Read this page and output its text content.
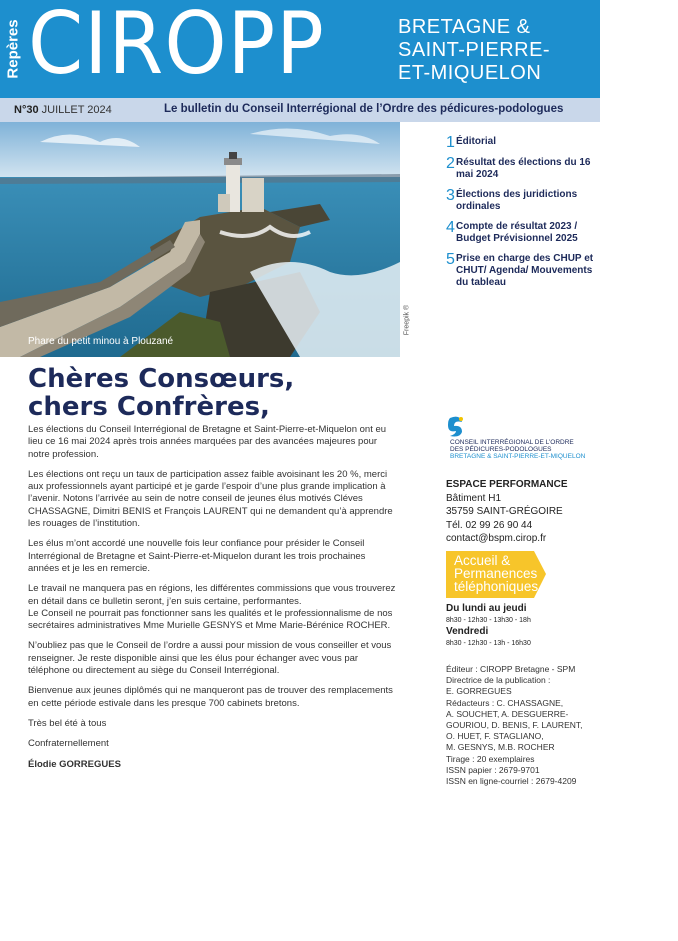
Repères CIROPP	BRETAGNE &
SAINT-PIERRE-
ET-MIQUELON
N°30 JUILLET 2024	Le bulletin du Conseil Interrégional de l’Ordre des pédicures-podologues
Phare du petit minou à Plouzané
Freepik ®
1 Éditorial
2 Résultat des élections du 16 mai 2024
3 Élections des juridictions ordinales
4 Compte de résultat 2023 / Budget Prévisionnel 2025
5 Prise en charge des CHUP et CHUT/ Agenda/ Mouvements du tableau
Chères Consœurs,
chers Confrères,

Les élections du Conseil Interrégional de Bretagne et Saint-Pierre-et-Miquelon ont eu lieu ce 16 mai 2024 après trois années marquées par des avancées majeures pour notre profession.

Les élections ont reçu un taux de participation assez faible avoisinant les 20 %, merci aux professionnels ayant participé et je garde l’espoir d’une plus grande implication à l’avenir. Notons l’arrivée au sein de notre conseil de jeunes élus motivés Cléves CHASSAGNE, Dimitri BENIS et François LAURENT qui ne demandent qu’à apprendre les rouages de l’institution.

Les élus m’ont accordé une nouvelle fois leur confiance pour présider le Conseil Interrégional de Bretagne et Saint-Pierre-et-Miquelon durant les trois prochaines années et je les en remercie.

Le travail ne manquera pas en régions, les différentes commissions que vous trouverez en détail dans ce bulletin seront, j’en suis certaine, performantes.

Le Conseil ne pourrait pas fonctionner sans les qualités et le professionnalisme de nos secrétaires administratives Mme Murielle GESNYS et Mme Marie-Bérénice ROCHER.

N’oubliez pas que le Conseil de l’ordre a aussi pour mission de vous conseiller et vous renseigner. Je reste disponible ainsi que les élus pour échanger avec vous par téléphone ou directement au siège du Conseil Interrégional.

Bienvenue aux jeunes diplômés qui ne manqueront pas de trouver des remplacements en cette période estivale dans les presque 700 cabinets bretons.

Très bel été à tous

Confraternellement

Élodie GORREGUES

CONSEIL INTERRÉGIONAL DE L’ORDRE
DES PÉDICURES-PODOLOGUES
BRETAGNE & SAINT-PIERRE-ET-MIQUELON
ESPACE PERFORMANCE
Bâtiment H1
35759 SAINT-GRÉGOIRE
Tél. 02 99 26 90 44
contact@bspm.cirop.fr
Accueil &
Permanences
téléphoniques
Du lundi au jeudi
8h30 - 12h30 - 13h30 - 18h
Vendredi
8h30 - 12h30 - 13h - 16h30
Éditeur : CIROPP Bretagne - SPM
Directrice de la publication :
E. GORREGUES
Rédacteurs : C. CHASSAGNE,
A. SOUCHET, A. DESGUERRE-
GOURIOU, D. BENIS, F. LAURENT,
O. HUET, F. STAGLIANO,
M. GESNYS, M.B. ROCHER
Tirage : 20 exemplaires
ISSN papier : 2679-9701
ISSN en ligne-courriel : 2679-4209
